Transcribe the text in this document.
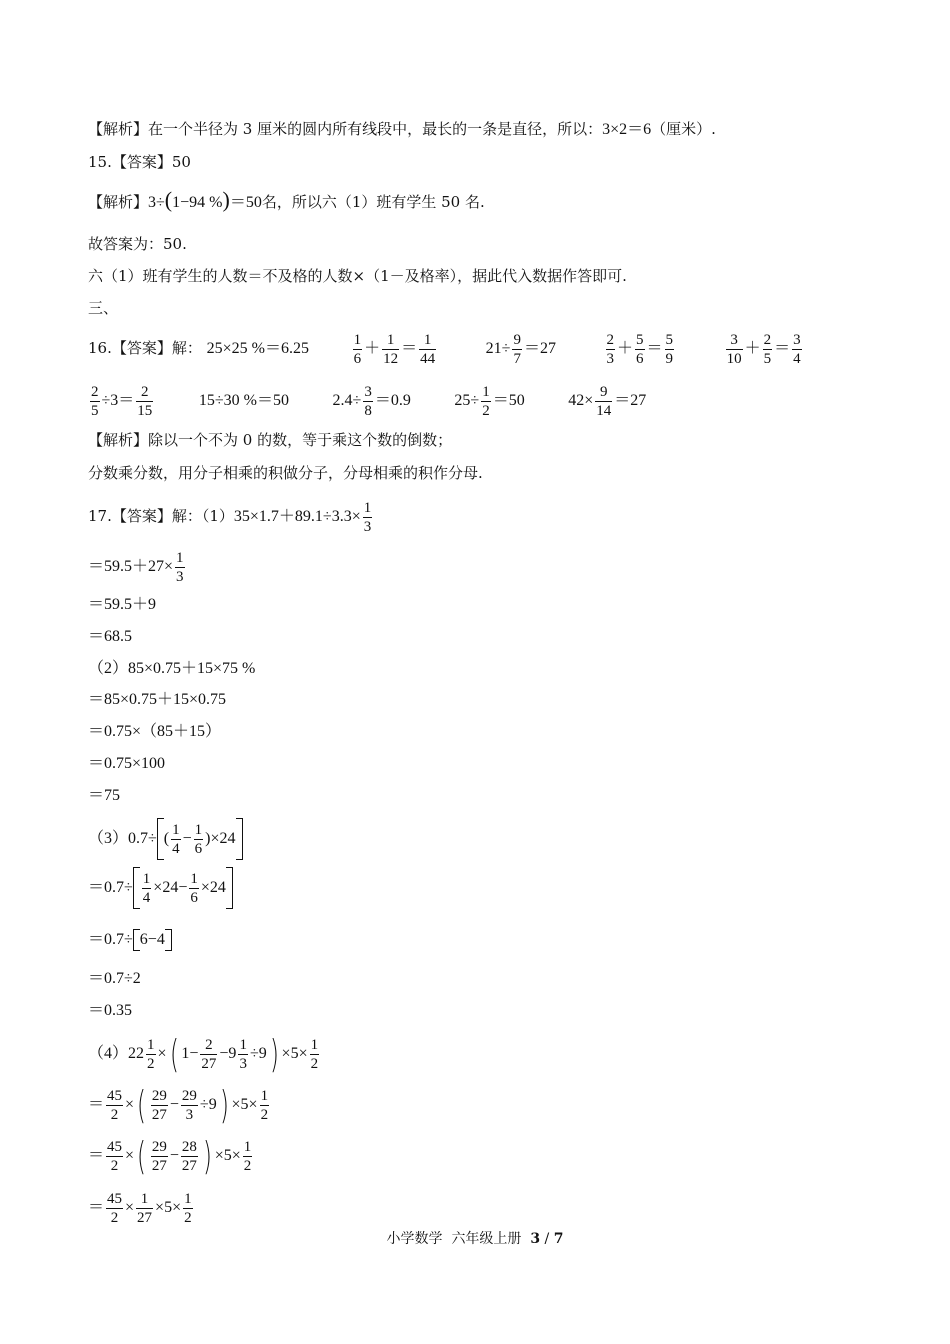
【解析】在一个半径为 3 厘米的圆内所有线段中，最长的一条是直径，所以：3×2＝6（厘米）.
15.【答案】50
【解析】3÷(1−94 %)＝50名，所以六（1）班有学生 50 名.
故答案为：50.
六（1）班有学生的人数＝不及格的人数×（1－及格率），据此代入数据作答即可.
三、
16.【答案】解： 25×25 %＝6.25	$\frac{1}{6} + \frac{1}{12} = \frac{1}{44}$	$21\div \frac{9}{7} =27$	$\frac{2}{3} + \frac{5}{6} = \frac{5}{9}$
	$\frac{3}{10} + \frac{2}{5} = \frac{3}{4}$
$\frac{2}{5} \div 3= \frac{2}{15}$	15÷30 %＝50	$2.4\div \frac{3}{8} =0.9$	$25\div \frac{1}{2} =50$	$42\times \frac{9}{14} =27$
【解析】除以一个不为 0 的数，等于乘这个数的倒数；
分数乘分数，用分子相乘的积做分子，分母相乘的积作分母.
17.【答案】解：$(1)35\times 1.7+89.1\div 3.3\times \frac{1}{3}$
$=59.5+27\times \frac{1}{3}$
＝59.5＋9
＝68.5
（2）85×0.75＋15×75 %
＝85×0.75＋15×0.75
＝0.75×（85＋15）
＝0.75×100
＝75
（3）0.7÷ ( $\frac{1}{4} - \frac{1}{6} )\times 24$
$=0.7\div \frac{1}{4} \times 24- \frac{1}{6} \times 24$
＝0.7÷ 6−4
＝0.7÷2
＝0.35
$(4)22 \frac{1}{2}$ ×( $1- \frac{2}{27} -9 \frac{1}{3} \div 9) \times 5\times \frac{1}{2}$
＝ $\frac{45}{2}$ ×( $\frac{29}{27} - \frac{29}{3} \div 9) \times 5\times \frac{1}{2}$
＝ $\frac{45}{2}$ ×( $\frac{29}{27} - \frac{28}{27}$ ) $\times 5\times \frac{1}{2}$
＝ $\frac{45}{2} \times \frac{1}{27} \times 5\times \frac{1}{2}$
小学数学 六年级上册 3 / 7
